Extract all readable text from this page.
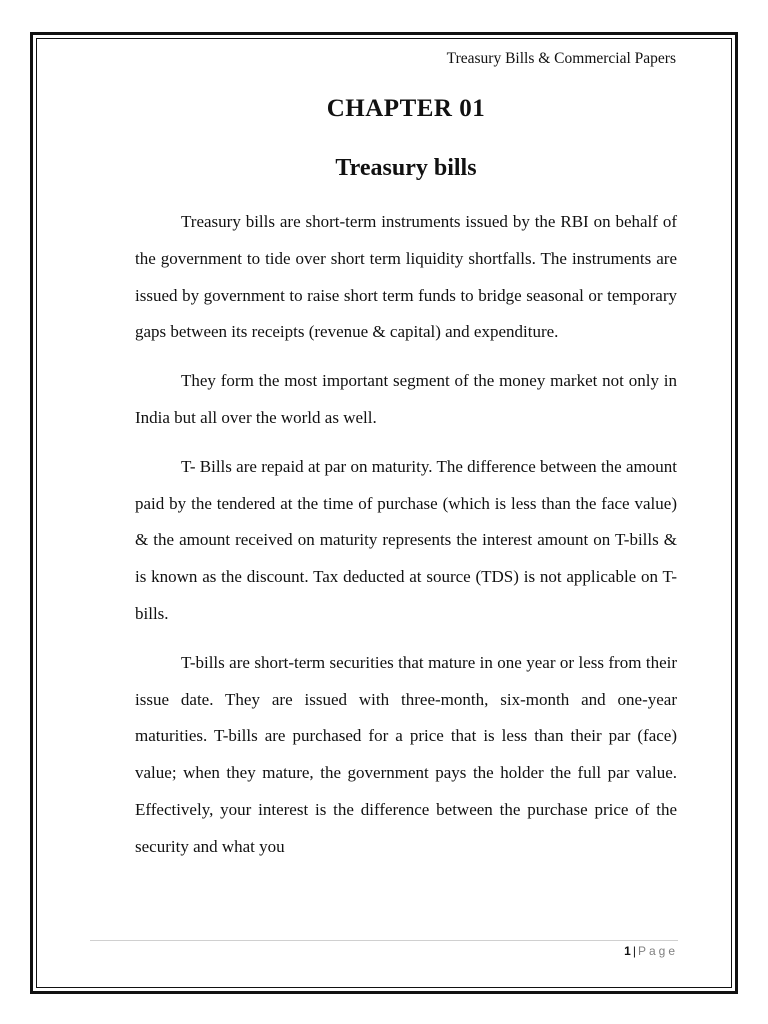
Treasury Bills & Commercial Papers
CHAPTER 01
Treasury bills

Treasury bills are short-term instruments issued by the RBI on behalf of the government to tide over short term liquidity shortfalls. The instruments are issued by government to raise short term funds to bridge seasonal or temporary gaps between its receipts (revenue & capital) and expenditure.

They form the most important segment of the money market not only in India but all over the world as well.

T- Bills are repaid at par on maturity. The difference between the amount paid by the tendered at the time of purchase (which is less than the face value) & the amount received on maturity represents the interest amount on T-bills & is known as the discount. Tax deducted at source (TDS) is not applicable on T-bills.

T-bills are short-term securities that mature in one year or less from their issue date. They are issued with three-month, six-month and one-year maturities. T-bills are purchased for a price that is less than their par (face) value; when they mature, the government pays the holder the full par value. Effectively, your interest is the difference between the purchase price of the security and what you

1 | Page
